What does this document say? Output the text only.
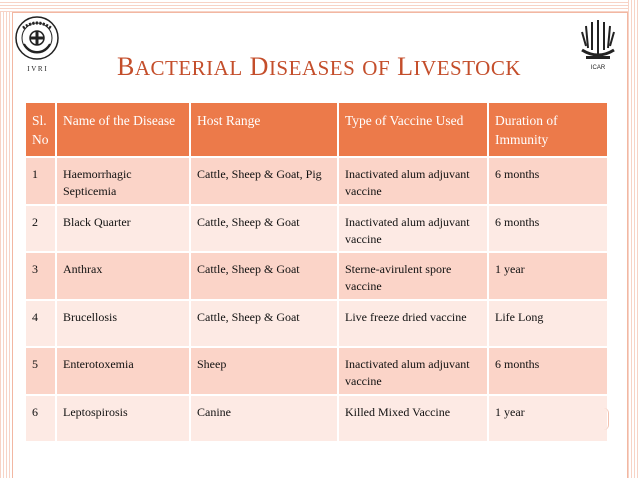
I V R I	ICAR
BACTERIAL DISEASES OF LIVESTOCK
Sl. No	Name of the Disease	Host Range	Type of Vaccine Used	Duration of Immunity
1	Haemorrhagic Septicemia	Cattle, Sheep & Goat, Pig	Inactivated alum adjuvant vaccine	6 months
2	Black Quarter	Cattle, Sheep & Goat	Inactivated alum adjuvant vaccine	6 months
3	Anthrax	Cattle, Sheep & Goat	Sterne-avirulent spore vaccine	1 year
4	Brucellosis	Cattle, Sheep & Goat	Live freeze dried vaccine	Life Long
5	Enterotoxemia	Sheep	Inactivated alum adjuvant vaccine	6 months
6	Leptospirosis	Canine	Killed Mixed Vaccine	1 year
